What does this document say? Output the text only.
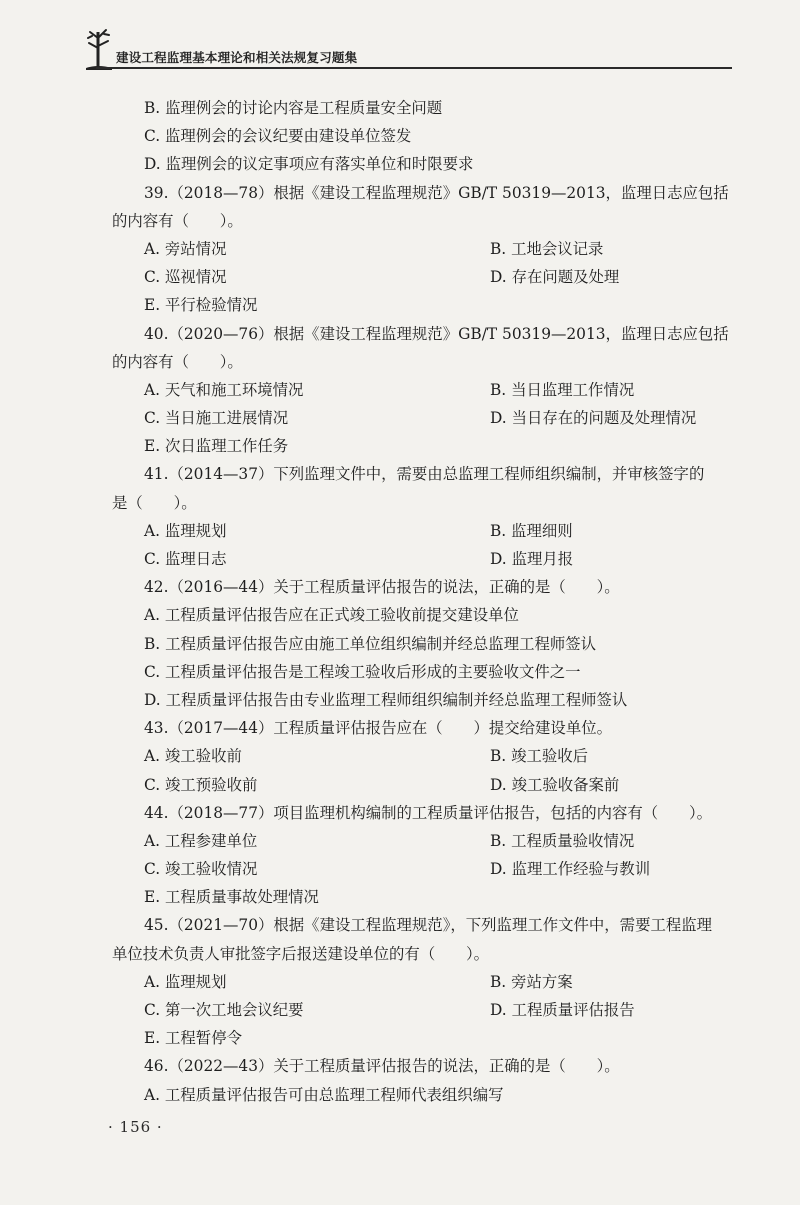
建设工程监理基本理论和相关法规复习题集
B. 监理例会的讨论内容是工程质量安全问题
C. 监理例会的会议纪要由建设单位签发
D. 监理例会的议定事项应有落实单位和时限要求
39.（2018—78）根据《建设工程监理规范》GB/T 50319—2013，监理日志应包括
的内容有（　　）。
A. 旁站情况	B. 工地会议记录
C. 巡视情况	D. 存在问题及处理
E. 平行检验情况
40.（2020—76）根据《建设工程监理规范》GB/T 50319—2013，监理日志应包括
的内容有（　　）。
A. 天气和施工环境情况	B. 当日监理工作情况
C. 当日施工进展情况	D. 当日存在的问题及处理情况
E. 次日监理工作任务
41.（2014—37）下列监理文件中，需要由总监理工程师组织编制，并审核签字的
是（　　）。
A. 监理规划	B. 监理细则
C. 监理日志	D. 监理月报
42.（2016—44）关于工程质量评估报告的说法，正确的是（　　）。
A. 工程质量评估报告应在正式竣工验收前提交建设单位
B. 工程质量评估报告应由施工单位组织编制并经总监理工程师签认
C. 工程质量评估报告是工程竣工验收后形成的主要验收文件之一
D. 工程质量评估报告由专业监理工程师组织编制并经总监理工程师签认
43.（2017—44）工程质量评估报告应在（　　）提交给建设单位。
A. 竣工验收前	B. 竣工验收后
C. 竣工预验收前	D. 竣工验收备案前
44.（2018—77）项目监理机构编制的工程质量评估报告，包括的内容有（　　）。
A. 工程参建单位	B. 工程质量验收情况
C. 竣工验收情况	D. 监理工作经验与教训
E. 工程质量事故处理情况
45.（2021—70）根据《建设工程监理规范》，下列监理工作文件中，需要工程监理
单位技术负责人审批签字后报送建设单位的有（　　）。
A. 监理规划	B. 旁站方案
C. 第一次工地会议纪要	D. 工程质量评估报告
E. 工程暂停令
46.（2022—43）关于工程质量评估报告的说法，正确的是（　　）。
A. 工程质量评估报告可由总监理工程师代表组织编写
· 156 ·
